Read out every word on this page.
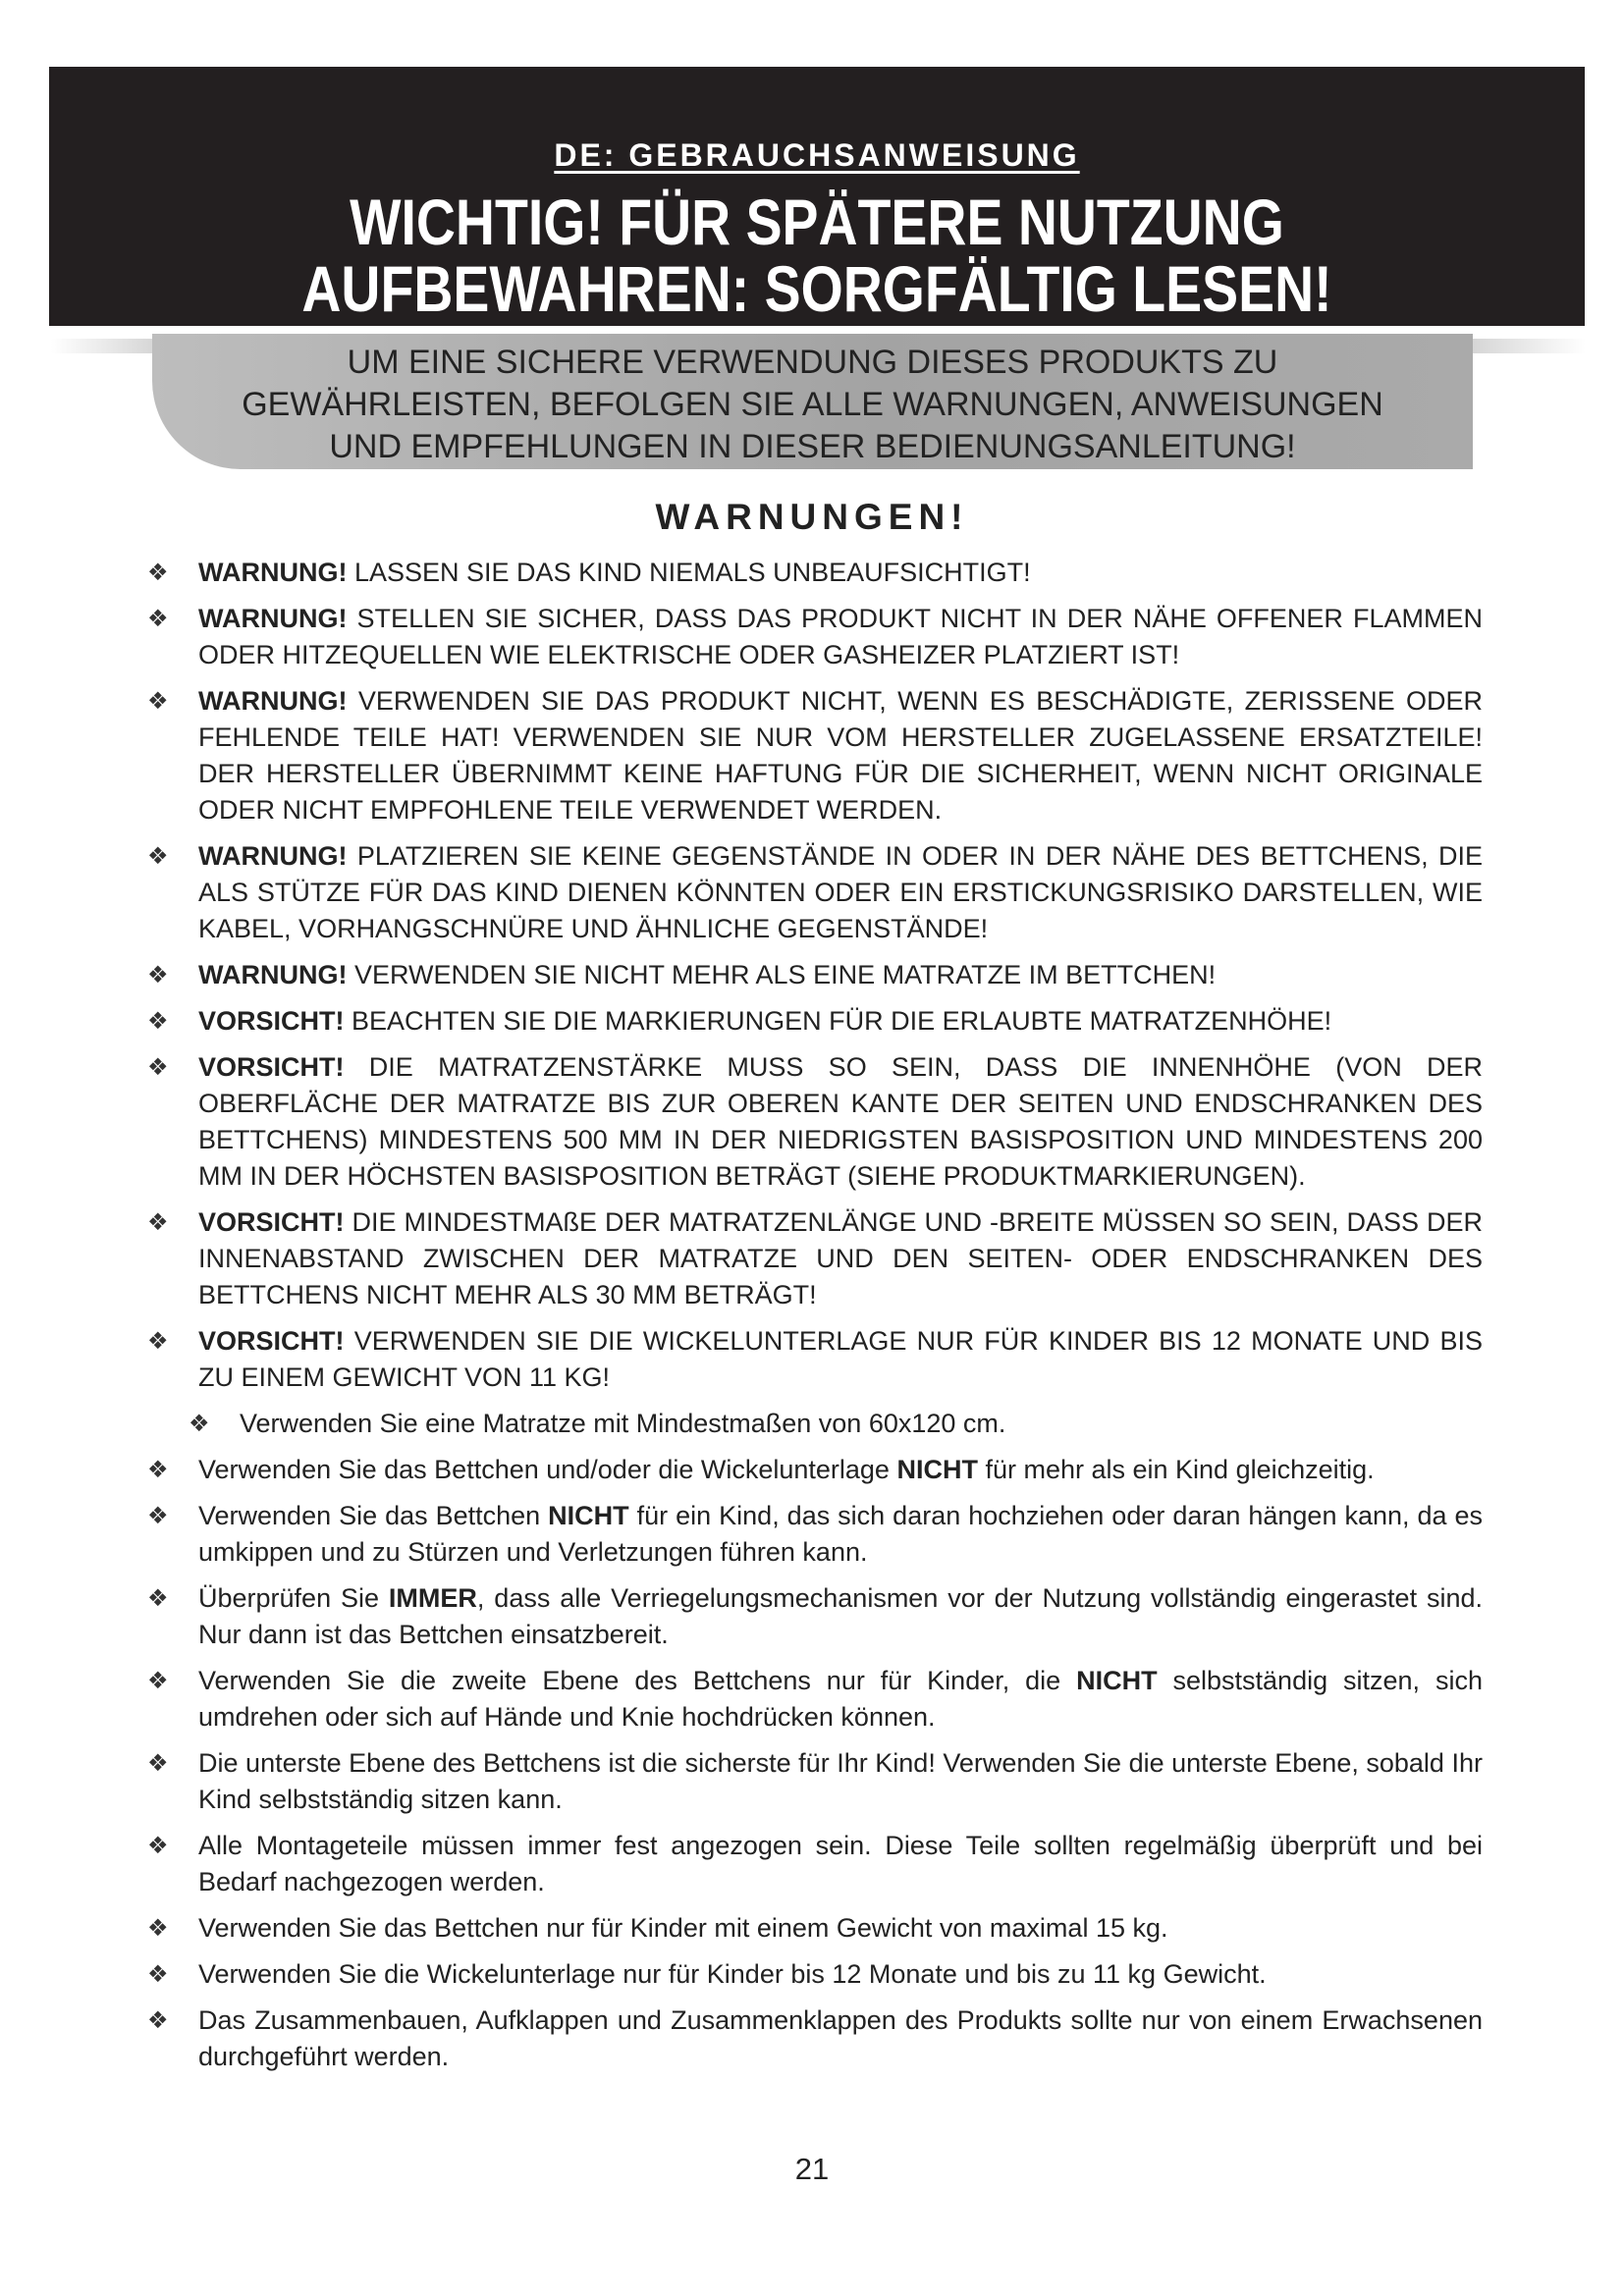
DE: GEBRAUCHSANWEISUNG
WICHTIG! FÜR SPÄTERE NUTZUNG
AUFBEWAHREN: SORGFÄLTIG LESEN!
UM EINE SICHERE VERWENDUNG DIESES PRODUKTS ZU
GEWÄHRLEISTEN, BEFOLGEN SIE ALLE WARNUNGEN, ANWEISUNGEN
UND EMPFEHLUNGEN IN DIESER BEDIENUNGSANLEITUNG!
WARNUNGEN!
❖ WARNUNG! LASSEN SIE DAS KIND NIEMALS UNBEAUFSICHTIGT!
❖ WARNUNG! STELLEN SIE SICHER, DASS DAS PRODUKT NICHT IN DER NÄHE OFFENER FLAMMEN ODER HITZEQUELLEN WIE ELEKTRISCHE ODER GASHEIZER PLATZIERT IST!
❖ WARNUNG! VERWENDEN SIE DAS PRODUKT NICHT, WENN ES BESCHÄDIGTE, ZERISSENE ODER FEHLENDE TEILE HAT! VERWENDEN SIE NUR VOM HERSTELLER ZUGELASSENE ERSATZTEILE! DER HERSTELLER ÜBERNIMMT KEINE HAFTUNG FÜR DIE SICHERHEIT, WENN NICHT ORIGINALE ODER NICHT EMPFOHLENE TEILE VERWENDET WERDEN.
❖ WARNUNG! PLATZIEREN SIE KEINE GEGENSTÄNDE IN ODER IN DER NÄHE DES BETTCHENS, DIE ALS STÜTZE FÜR DAS KIND DIENEN KÖNNTEN ODER EIN ERSTICKUNGSRISIKO DARSTELLEN, WIE KABEL, VORHANGSCHNÜRE UND ÄHNLICHE GEGENSTÄNDE!
❖ WARNUNG! VERWENDEN SIE NICHT MEHR ALS EINE MATRATZE IM BETTCHEN!
❖ VORSICHT! BEACHTEN SIE DIE MARKIERUNGEN FÜR DIE ERLAUBTE MATRATZENHÖHE!
❖ VORSICHT! DIE MATRATZENSTÄRKE MUSS SO SEIN, DASS DIE INNENHÖHE (VON DER OBERFLÄCHE DER MATRATZE BIS ZUR OBEREN KANTE DER SEITEN UND ENDSCHRANKEN DES BETTCHENS) MINDESTENS 500 MM IN DER NIEDRIGSTEN BASISPOSITION UND MINDESTENS 200 MM IN DER HÖCHSTEN BASISPOSITION BETRÄGT (SIEHE PRODUKTMARKIERUNGEN).
❖ VORSICHT! DIE MINDESTMAßE DER MATRATZENLÄNGE UND -BREITE MÜSSEN SO SEIN, DASS DER INNENABSTAND ZWISCHEN DER MATRATZE UND DEN SEITEN- ODER ENDSCHRANKEN DES BETTCHENS NICHT MEHR ALS 30 MM BETRÄGT!
❖ VORSICHT! VERWENDEN SIE DIE WICKELUNTERLAGE NUR FÜR KINDER BIS 12 MONATE UND BIS ZU EINEM GEWICHT VON 11 KG!
❖ Verwenden Sie eine Matratze mit Mindestmaßen von 60x120 cm.
❖ Verwenden Sie das Bettchen und/oder die Wickelunterlage NICHT für mehr als ein Kind gleichzeitig.
❖ Verwenden Sie das Bettchen NICHT für ein Kind, das sich daran hochziehen oder daran hängen kann, da es umkippen und zu Stürzen und Verletzungen führen kann.
❖ Überprüfen Sie IMMER, dass alle Verriegelungsmechanismen vor der Nutzung vollständig eingerastet sind. Nur dann ist das Bettchen einsatzbereit.
❖ Verwenden Sie die zweite Ebene des Bettchens nur für Kinder, die NICHT selbstständig sitzen, sich umdrehen oder sich auf Hände und Knie hochdrücken können.
❖ Die unterste Ebene des Bettchens ist die sicherste für Ihr Kind! Verwenden Sie die unterste Ebene, sobald Ihr Kind selbstständig sitzen kann.
❖ Alle Montageteile müssen immer fest angezogen sein. Diese Teile sollten regelmäßig überprüft und bei Bedarf nachgezogen werden.
❖ Verwenden Sie das Bettchen nur für Kinder mit einem Gewicht von maximal 15 kg.
❖ Verwenden Sie die Wickelunterlage nur für Kinder bis 12 Monate und bis zu 11 kg Gewicht.
❖ Das Zusammenbauen, Aufklappen und Zusammenklappen des Produkts sollte nur von einem Erwachsenen durchgeführt werden.
21
